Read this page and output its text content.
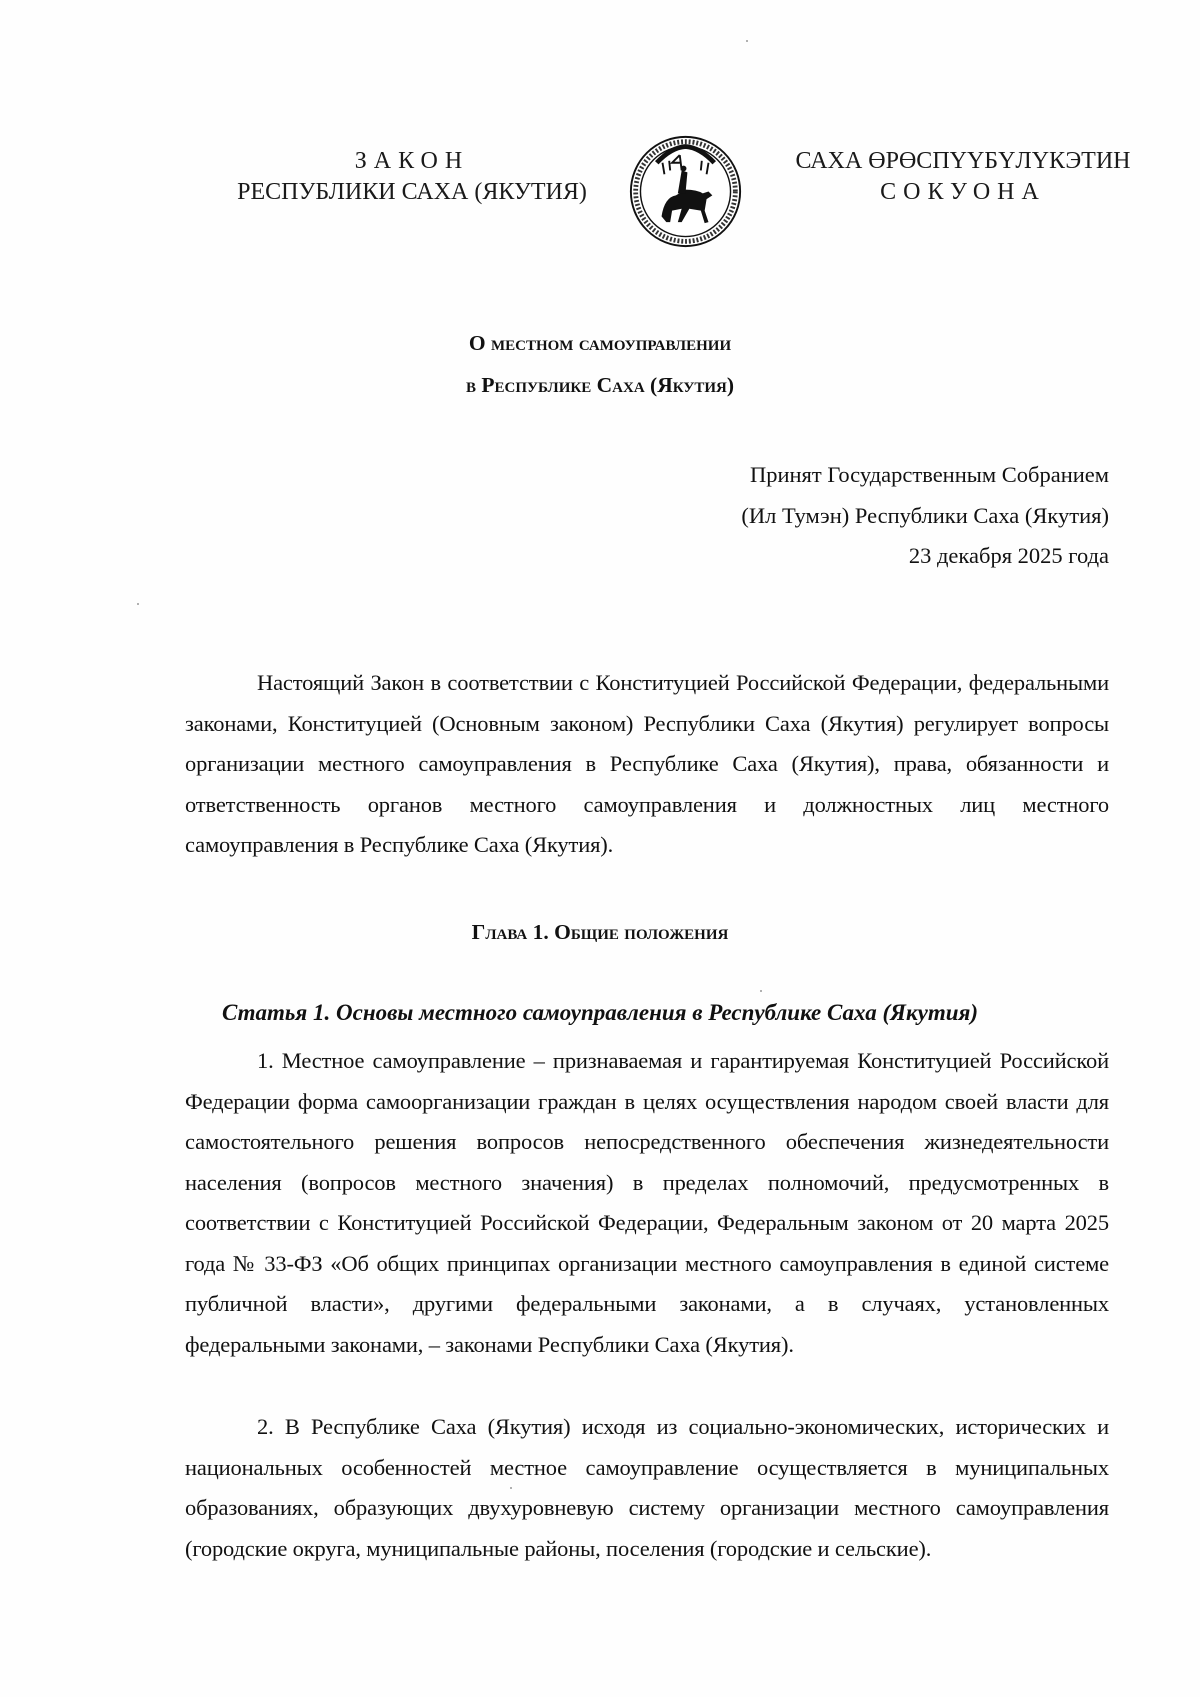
ЗАКОН
РЕСПУБЛИКИ САХА (ЯКУТИЯ)
САХА ӨРӨСПҮҮБҮЛҮКЭТИН
СОКУОНА
О местном самоуправлении
в Республике Саха (Якутия)
Принят Государственным Собранием
(Ил Тумэн) Республики Саха (Якутия)
23 декабря 2025 года

Настоящий Закон в соответствии с Конституцией Российской Федерации, федеральными законами, Конституцией (Основным законом) Республики Саха (Якутия) регулирует вопросы организации местного самоуправления в Республике Саха (Якутия), права, обязанности и ответственность органов местного самоуправления и должностных лиц местного самоуправления в Республике Саха (Якутия).

Глава 1. Общие положения
Статья 1. Основы местного самоуправления в Республике Саха (Якутия)

1. Местное самоуправление – признаваемая и гарантируемая Конституцией Российской Федерации форма самоорганизации граждан в целях осуществления народом своей власти для самостоятельного решения вопросов непосредственного обеспечения жизнедеятельности населения (вопросов местного значения) в пределах полномочий, предусмотренных в соответствии с Конституцией Российской Федерации, Федеральным законом от 20 марта 2025 года № 33-ФЗ «Об общих принципах организации местного самоуправления в единой системе публичной власти», другими федеральными законами, а в случаях, установленных федеральными законами, – законами Республики Саха (Якутия).

2. В Республике Саха (Якутия) исходя из социально-экономических, исторических и национальных особенностей местное самоуправление осуществляется в муниципальных образованиях, образующих двухуровневую систему организации местного самоуправления (городские округа, муниципальные районы, поселения (городские и сельские).
